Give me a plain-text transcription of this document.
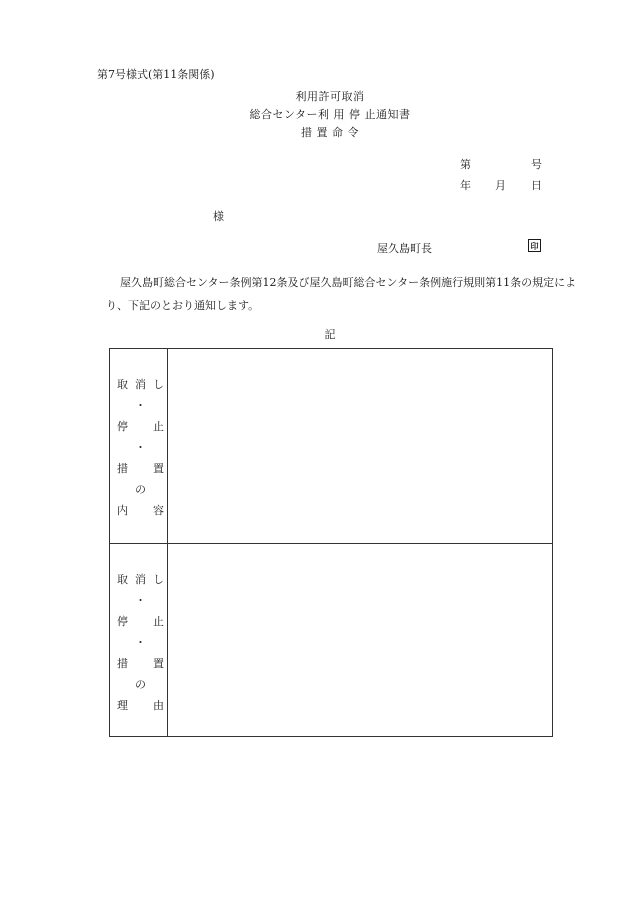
第7号様式(第11条関係)
利用許可取消
総合センター利 用 停 止通知書
措 置 命 令
第	号
年 月 日
様
屋久島町長	印
屋久島町総合センター条例第12条及び屋久島町総合センター条例施行規則第11条の規定により、下記のとおり通知します。
記
取 消 し
・
停 止
・
措 置
の
内 容
取 消 し
・
停 止
・
措 置
の
理 由
